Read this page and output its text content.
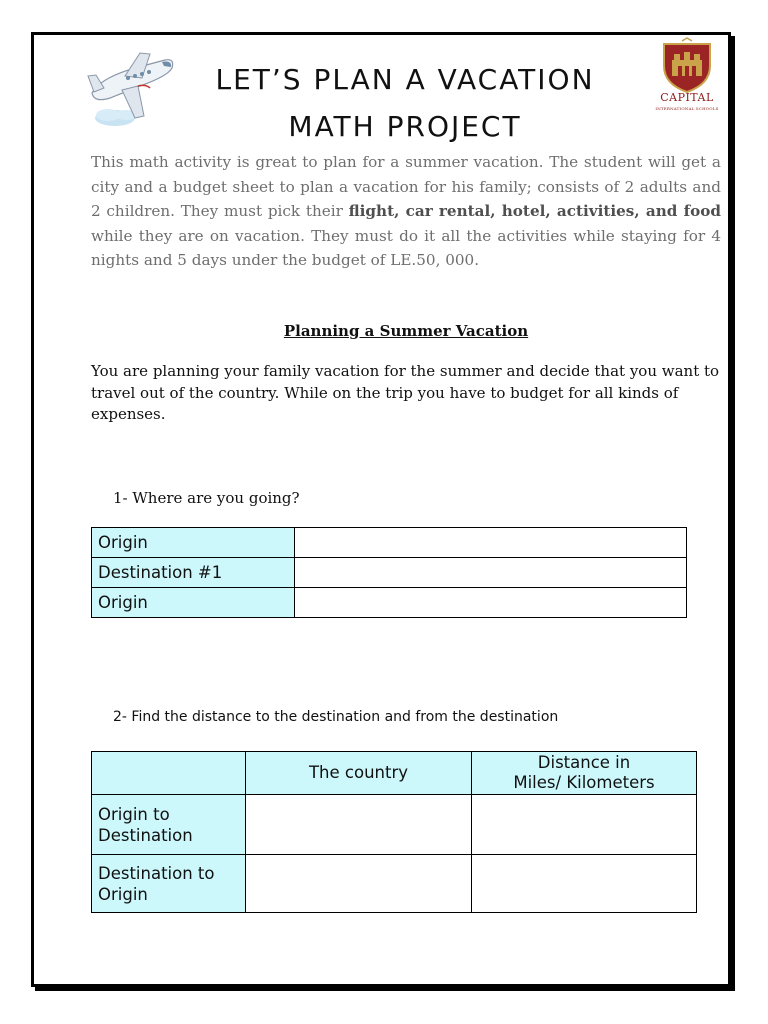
LET’S PLAN A VACATION
MATH PROJECT
CAPITAL
INTERNATIONAL SCHOOLS
This math activity is great to plan for a summer vacation. The student will get a city and a budget sheet to plan a vacation for his family; consists of 2 adults and 2 children. They must pick their flight, car rental, hotel, activities, and food while they are on vacation. They must do it all the activities while staying for 4 nights and 5 days under the budget of LE.50, 000.
Planning a Summer Vacation
You are planning your family vacation for the summer and decide that you want to travel out of the country. While on the trip you have to budget for all kinds of expenses.
1- Where are you going?
Origin	
Destination #1	
Origin	
2- Find the distance to the destination and from the destination
	The country	Distance in
Miles/ Kilometers

Origin to
Destination		

Destination to
Origin		
